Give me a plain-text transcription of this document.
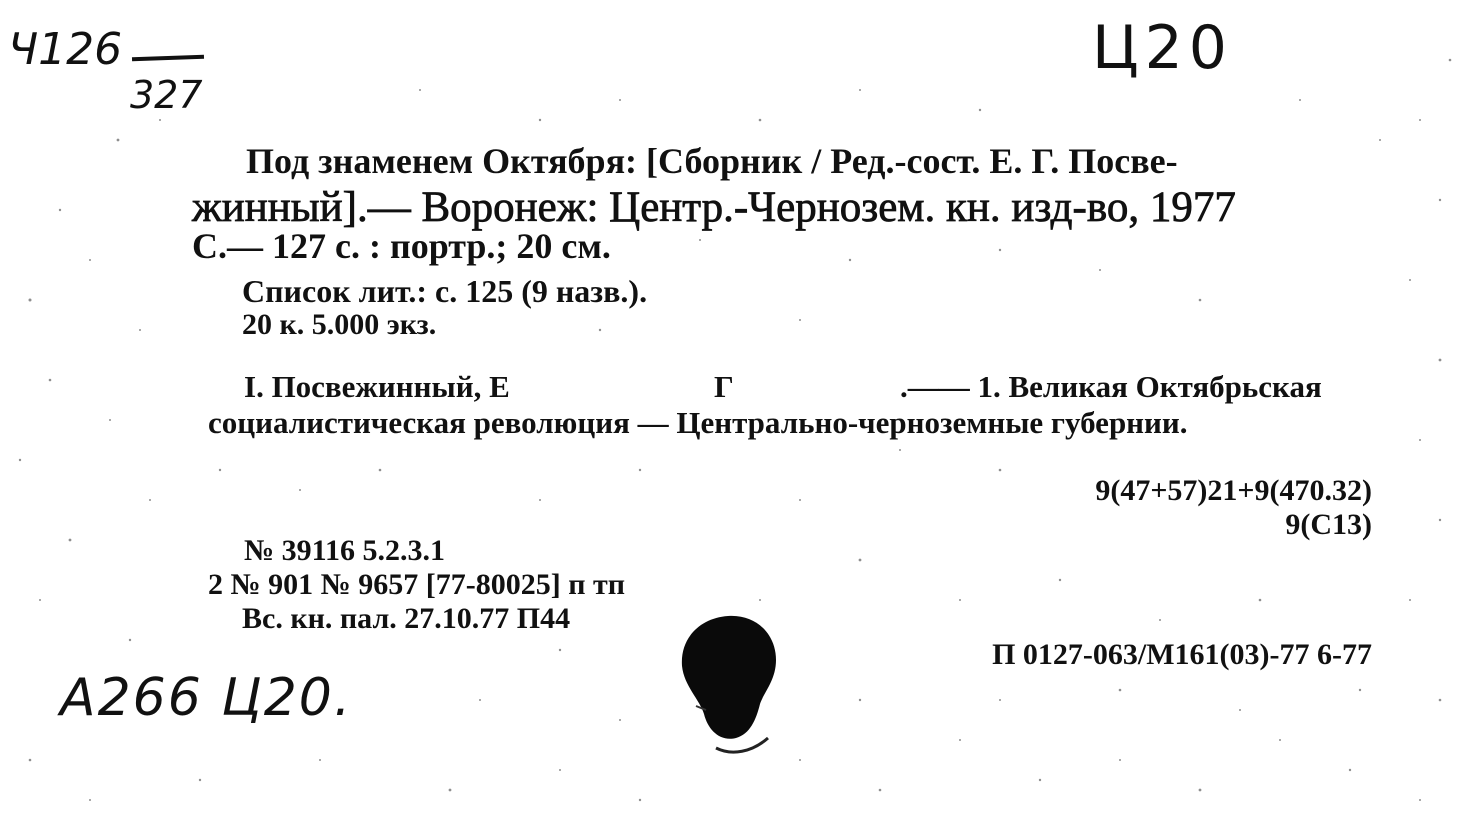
Ч126
327
Ц20
Под знаменем Октября: [Сборник / Ред.-сост. Е. Г. Посве-
жинный].— Воронеж: Центр.-Чернозем. кн. изд-во, 1977
С.— 127 с. : портр.; 20 см.
Список лит.: с. 125 (9 назв.).
20 к. 5.000 экз.
I. Посвежинный, Е	Г	.—— 1. Великая Октябрьская
социалистическая революция — Центрально-черноземные губернии.
9(47+57)21+9(470.32)
9(С13)
№ 39116 5.2.3.1
2 № 901 № 9657 [77-80025] п тп
Вс. кн. пал. 27.10.77 П44
П 0127-063/М161(03)-77 6-77
A266 Ц20.
